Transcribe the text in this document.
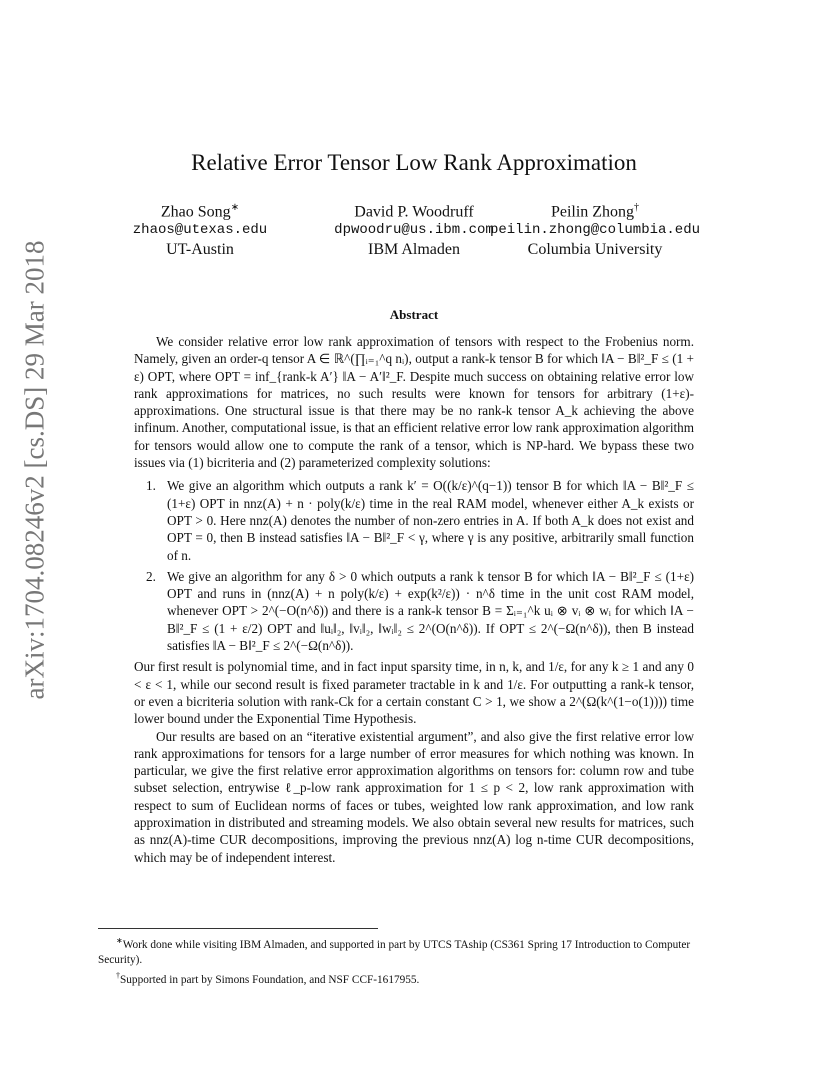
arXiv:1704.08246v2 [cs.DS] 29 Mar 2018
Relative Error Tensor Low Rank Approximation
Zhao Song∗
zhaos@utexas.edu
UT-Austin
David P. Woodruff
dpwoodru@us.ibm.com
IBM Almaden
Peilin Zhong†
peilin.zhong@columbia.edu
Columbia University
Abstract

We consider relative error low rank approximation of tensors with respect to the Frobenius norm. Namely, given an order-q tensor A ∈ ℝ^(∏ᵢ₌₁^q nᵢ), output a rank-k tensor B for which ‖A − B‖²_F ≤ (1 + ε) OPT, where OPT = inf_{rank-k A′} ‖A − A′‖²_F. Despite much success on obtaining relative error low rank approximations for matrices, no such results were known for tensors for arbitrary (1+ε)-approximations. One structural issue is that there may be no rank-k tensor A_k achieving the above infinum. Another, computational issue, is that an efficient relative error low rank approximation algorithm for tensors would allow one to compute the rank of a tensor, which is NP-hard. We bypass these two issues via (1) bicriteria and (2) parameterized complexity solutions:

1. We give an algorithm which outputs a rank k′ = O((k/ε)^(q−1)) tensor B for which ‖A − B‖²_F ≤ (1+ε) OPT in nnz(A) + n · poly(k/ε) time in the real RAM model, whenever either A_k exists or OPT > 0. Here nnz(A) denotes the number of non-zero entries in A. If both A_k does not exist and OPT = 0, then B instead satisfies ‖A − B‖²_F < γ, where γ is any positive, arbitrarily small function of n.
2. We give an algorithm for any δ > 0 which outputs a rank k tensor B for which ‖A − B‖²_F ≤ (1+ε) OPT and runs in (nnz(A) + n poly(k/ε) + exp(k²/ε)) · n^δ time in the unit cost RAM model, whenever OPT > 2^(−O(n^δ)) and there is a rank-k tensor B = Σᵢ₌₁^k uᵢ ⊗ vᵢ ⊗ wᵢ for which ‖A − B‖²_F ≤ (1 + ε/2) OPT and ‖uᵢ‖₂, ‖vᵢ‖₂, ‖wᵢ‖₂ ≤ 2^(O(n^δ)). If OPT ≤ 2^(−Ω(n^δ)), then B instead satisfies ‖A − B‖²_F ≤ 2^(−Ω(n^δ)).

Our first result is polynomial time, and in fact input sparsity time, in n, k, and 1/ε, for any k ≥ 1 and any 0 < ε < 1, while our second result is fixed parameter tractable in k and 1/ε. For outputting a rank-k tensor, or even a bicriteria solution with rank-Ck for a certain constant C > 1, we show a 2^(Ω(k^(1−o(1)))) time lower bound under the Exponential Time Hypothesis.

Our results are based on an “iterative existential argument”, and also give the first relative error low rank approximations for tensors for a large number of error measures for which nothing was known. In particular, we give the first relative error approximation algorithms on tensors for: column row and tube subset selection, entrywise ℓ_p-low rank approximation for 1 ≤ p < 2, low rank approximation with respect to sum of Euclidean norms of faces or tubes, weighted low rank approximation, and low rank approximation in distributed and streaming models. We also obtain several new results for matrices, such as nnz(A)-time CUR decompositions, improving the previous nnz(A) log n-time CUR decompositions, which may be of independent interest.

∗Work done while visiting IBM Almaden, and supported in part by UTCS TAship (CS361 Spring 17 Introduction to Computer Security).

†Supported in part by Simons Foundation, and NSF CCF-1617955.
